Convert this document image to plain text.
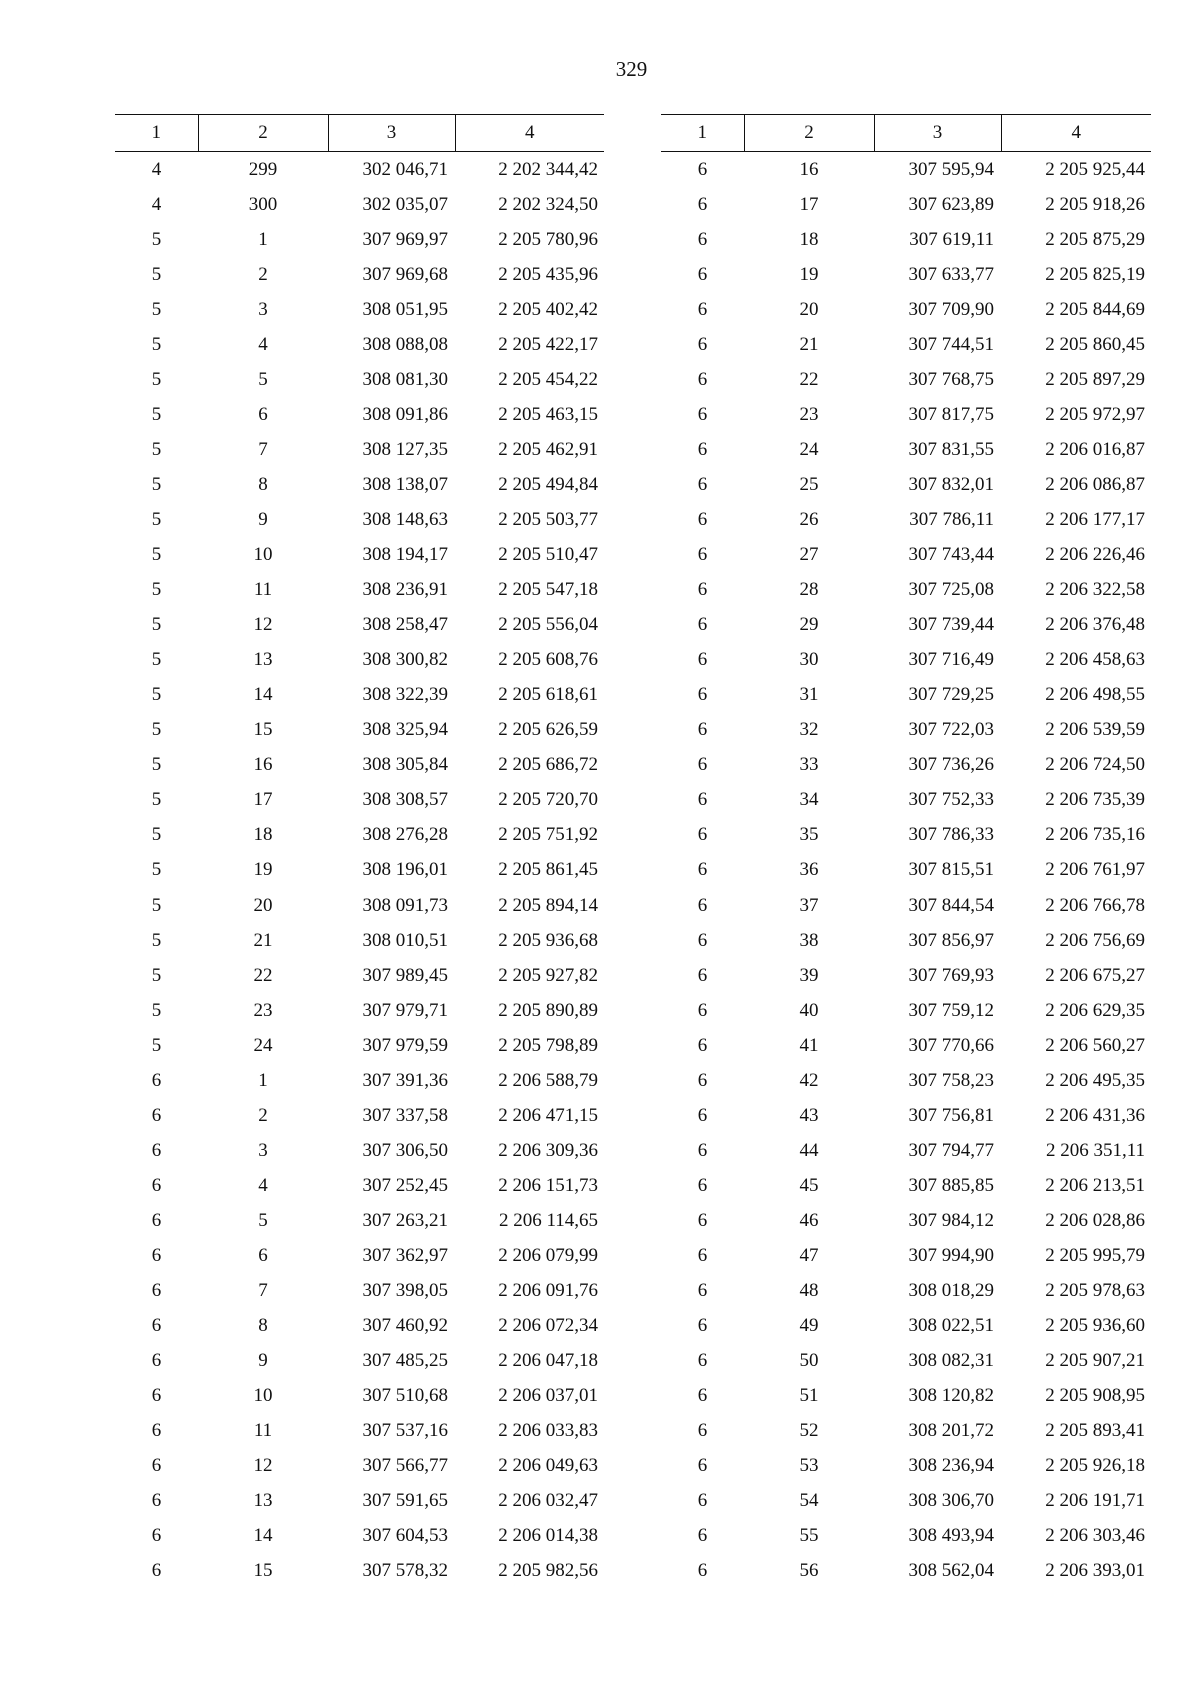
329
1	2	3	4
4	299	302 046,71	2 202 344,42
4	300	302 035,07	2 202 324,50
5	1	307 969,97	2 205 780,96
5	2	307 969,68	2 205 435,96
5	3	308 051,95	2 205 402,42
5	4	308 088,08	2 205 422,17
5	5	308 081,30	2 205 454,22
5	6	308 091,86	2 205 463,15
5	7	308 127,35	2 205 462,91
5	8	308 138,07	2 205 494,84
5	9	308 148,63	2 205 503,77
5	10	308 194,17	2 205 510,47
5	11	308 236,91	2 205 547,18
5	12	308 258,47	2 205 556,04
5	13	308 300,82	2 205 608,76
5	14	308 322,39	2 205 618,61
5	15	308 325,94	2 205 626,59
5	16	308 305,84	2 205 686,72
5	17	308 308,57	2 205 720,70
5	18	308 276,28	2 205 751,92
5	19	308 196,01	2 205 861,45
5	20	308 091,73	2 205 894,14
5	21	308 010,51	2 205 936,68
5	22	307 989,45	2 205 927,82
5	23	307 979,71	2 205 890,89
5	24	307 979,59	2 205 798,89
6	1	307 391,36	2 206 588,79
6	2	307 337,58	2 206 471,15
6	3	307 306,50	2 206 309,36
6	4	307 252,45	2 206 151,73
6	5	307 263,21	2 206 114,65
6	6	307 362,97	2 206 079,99
6	7	307 398,05	2 206 091,76
6	8	307 460,92	2 206 072,34
6	9	307 485,25	2 206 047,18
6	10	307 510,68	2 206 037,01
6	11	307 537,16	2 206 033,83
6	12	307 566,77	2 206 049,63
6	13	307 591,65	2 206 032,47
6	14	307 604,53	2 206 014,38
6	15	307 578,32	2 205 982,56
1	2	3	4
6	16	307 595,94	2 205 925,44
6	17	307 623,89	2 205 918,26
6	18	307 619,11	2 205 875,29
6	19	307 633,77	2 205 825,19
6	20	307 709,90	2 205 844,69
6	21	307 744,51	2 205 860,45
6	22	307 768,75	2 205 897,29
6	23	307 817,75	2 205 972,97
6	24	307 831,55	2 206 016,87
6	25	307 832,01	2 206 086,87
6	26	307 786,11	2 206 177,17
6	27	307 743,44	2 206 226,46
6	28	307 725,08	2 206 322,58
6	29	307 739,44	2 206 376,48
6	30	307 716,49	2 206 458,63
6	31	307 729,25	2 206 498,55
6	32	307 722,03	2 206 539,59
6	33	307 736,26	2 206 724,50
6	34	307 752,33	2 206 735,39
6	35	307 786,33	2 206 735,16
6	36	307 815,51	2 206 761,97
6	37	307 844,54	2 206 766,78
6	38	307 856,97	2 206 756,69
6	39	307 769,93	2 206 675,27
6	40	307 759,12	2 206 629,35
6	41	307 770,66	2 206 560,27
6	42	307 758,23	2 206 495,35
6	43	307 756,81	2 206 431,36
6	44	307 794,77	2 206 351,11
6	45	307 885,85	2 206 213,51
6	46	307 984,12	2 206 028,86
6	47	307 994,90	2 205 995,79
6	48	308 018,29	2 205 978,63
6	49	308 022,51	2 205 936,60
6	50	308 082,31	2 205 907,21
6	51	308 120,82	2 205 908,95
6	52	308 201,72	2 205 893,41
6	53	308 236,94	2 205 926,18
6	54	308 306,70	2 206 191,71
6	55	308 493,94	2 206 303,46
6	56	308 562,04	2 206 393,01
